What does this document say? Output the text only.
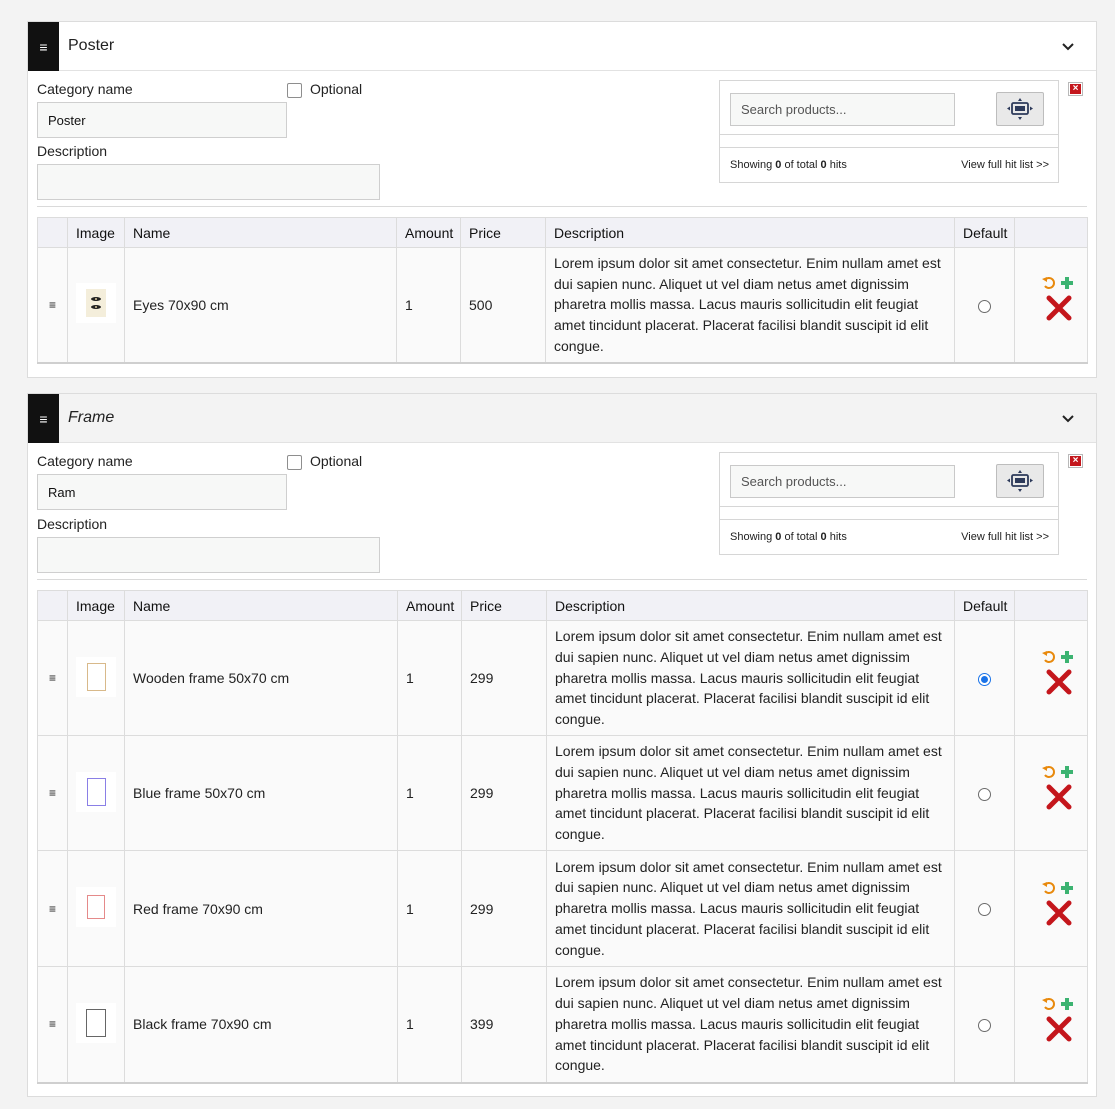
≡	Poster
Category name	Optional
Poster
Description
Search products...
Showing 0 of total 0 hits	View full hit list >>
×
	Image	Name	Amount	Price	Description	Default	
≡		Eyes 70x90 cm	1	500	Lorem ipsum dolor sit amet consectetur. Enim nullam amet est dui sapien nunc. Aliquet ut vel diam netus amet dignissim pharetra mollis massa. Lacus mauris sollicitudin elit feugiat amet tincidunt placerat. Placerat facilisi blandit suscipit id elit congue.		
≡	Frame
Category name	Optional
Ram
Description
Search products...
Showing 0 of total 0 hits	View full hit list >>
×
	Image	Name	Amount	Price	Description	Default	
≡		Wooden frame 50x70 cm	1	299	Lorem ipsum dolor sit amet consectetur. Enim nullam amet est dui sapien nunc. Aliquet ut vel diam netus amet dignissim pharetra mollis massa. Lacus mauris sollicitudin elit feugiat amet tincidunt placerat. Placerat facilisi blandit suscipit id elit congue.		

≡		Blue frame 50x70 cm	1	299	Lorem ipsum dolor sit amet consectetur. Enim nullam amet est dui sapien nunc. Aliquet ut vel diam netus amet dignissim pharetra mollis massa. Lacus mauris sollicitudin elit feugiat amet tincidunt placerat. Placerat facilisi blandit suscipit id elit congue.		

≡		Red frame 70x90 cm	1	299	Lorem ipsum dolor sit amet consectetur. Enim nullam amet est dui sapien nunc. Aliquet ut vel diam netus amet dignissim pharetra mollis massa. Lacus mauris sollicitudin elit feugiat amet tincidunt placerat. Placerat facilisi blandit suscipit id elit congue.		

≡		Black frame 70x90 cm	1	399	Lorem ipsum dolor sit amet consectetur. Enim nullam amet est dui sapien nunc. Aliquet ut vel diam netus amet dignissim pharetra mollis massa. Lacus mauris sollicitudin elit feugiat amet tincidunt placerat. Placerat facilisi blandit suscipit id elit congue.		
